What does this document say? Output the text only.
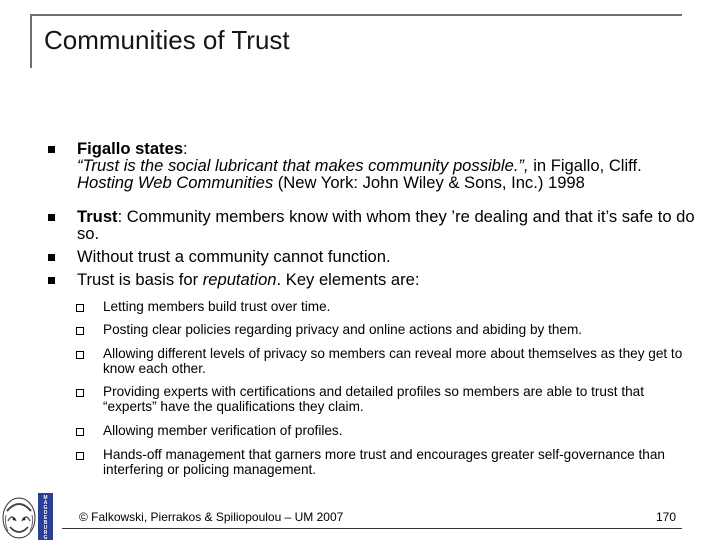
Communities of Trust
Figallo states:
“Trust is the social lubricant that makes community possible.”, in Figallo, Cliff. Hosting Web Communities (New York: John Wiley & Sons, Inc.) 1998
Trust: Community members know with whom they ’re dealing and that it’s safe to do so.
Without trust a community cannot function.
Trust is basis for reputation. Key elements are:
Letting members build trust over time.
Posting clear policies regarding privacy and online actions and abiding by them.
Allowing different levels of privacy so members can reveal more about themselves as they get to know each other.
Providing experts with certifications and detailed profiles so members are able to trust that “experts” have the qualifications they claim.
Allowing member verification of profiles.
Hands-off management that garners more trust and encourages greater self-governance than interfering or policing management.
M
A
G
D
E
B
U
R
G
© Falkowski, Pierrakos & Spiliopoulou – UM 2007	170
